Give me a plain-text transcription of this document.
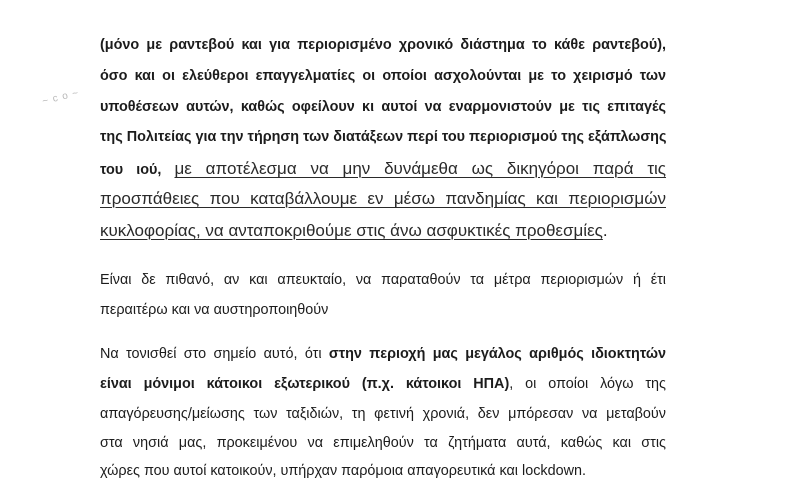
~ c o ~
(μόνο με ραντεβού και για περιορισμένο χρονικό διάστημα το κάθε ραντεβού),
όσο και οι ελεύθεροι επαγγελματίες οι οποίοι ασχολούνται με το χειρισμό των
υποθέσεων αυτών, καθώς οφείλουν κι αυτοί να εναρμονιστούν με τις επιταγές
της Πολιτείας για την τήρηση των διατάξεων περί του περιορισμού της εξάπλωσης
του ιού, με αποτέλεσμα να μην δυνάμεθα ως δικηγόροι παρά τις
προσπάθειες που καταβάλλουμε εν μέσω πανδημίας και περιορισμών
κυκλοφορίας, να ανταποκριθούμε στις άνω ασφυκτικές προθεσμίες.
Είναι δε πιθανό, αν και απευκταίο, να παραταθούν τα μέτρα περιορισμών ή έτι
περαιτέρω και να αυστηροποιηθούν
Να τονισθεί στο σημείο αυτό, ότι στην περιοχή μας μεγάλος αριθμός ιδιοκτητών
είναι μόνιμοι κάτοικοι εξωτερικού (π.χ. κάτοικοι ΗΠΑ), οι οποίοι λόγω της
απαγόρευσης/μείωσης των ταξιδιών, τη φετινή χρονιά, δεν μπόρεσαν να μεταβούν
στα νησιά μας, προκειμένου να επιμεληθούν τα ζητήματα αυτά, καθώς και στις
χώρες που αυτοί κατοικούν, υπήρχαν παρόμοια απαγορευτικά και lockdown.
